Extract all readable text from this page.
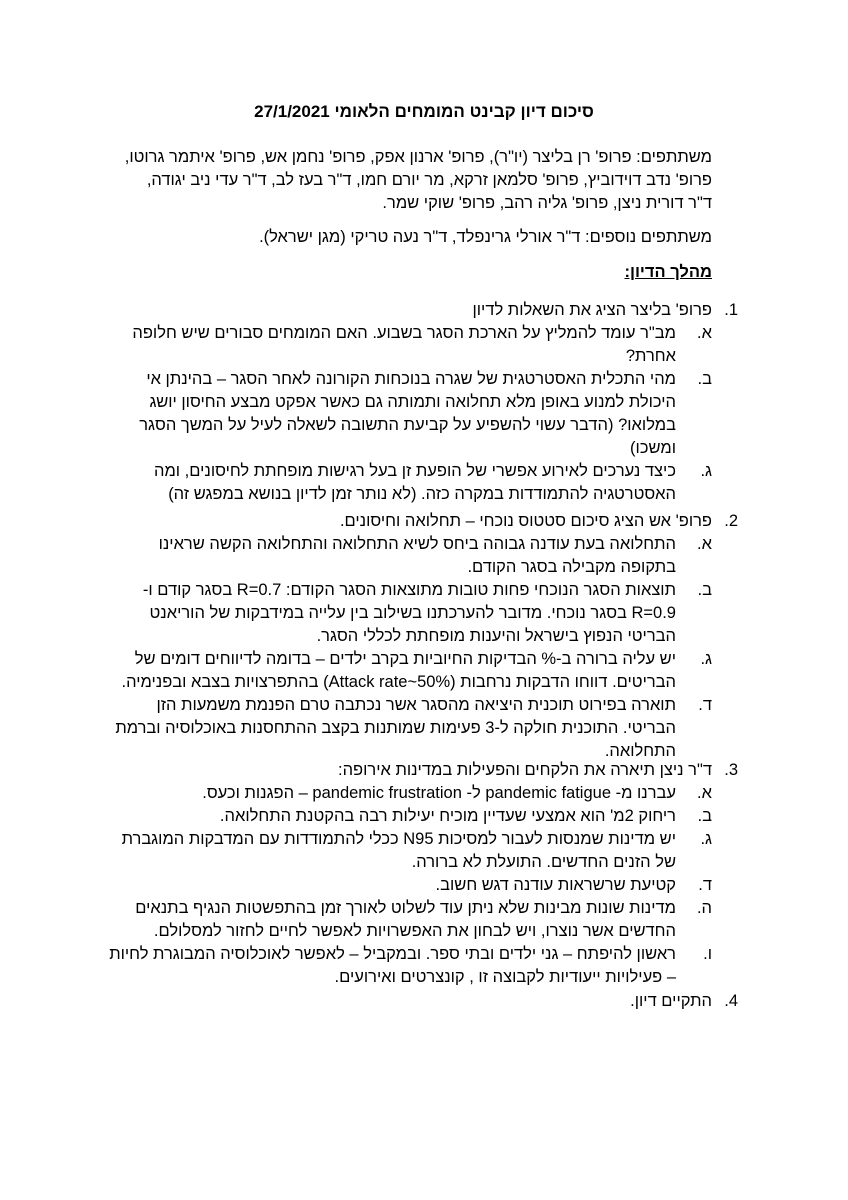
סיכום דיון קבינט המומחים הלאומי 27/1/2021
משתתפים: פרופ' רן בליצר (יו"ר), פרופ' ארנון אפק, פרופ' נחמן אש, פרופ' איתמר גרוטו, פרופ' נדב דוידוביץ, פרופ' סלמאן זרקא, מר יורם חמו, ד"ר בעז לב, ד"ר עדי ניב יגודה, ד"ר דורית ניצן, פרופ' גליה רהב, פרופ' שוקי שמר.
משתתפים נוספים: ד"ר אורלי גרינפלד, ד"ר נעה טריקי (מגן ישראל).
מהלך הדיון:
1.
פרופ' בליצר הציג את השאלות לדיון
א.
מב"ר עומד להמליץ על הארכת הסגר בשבוע. האם המומחים סבורים שיש חלופה אחרת?
ב.
מהי התכלית האסטרטגית של שגרה בנוכחות הקורונה לאחר הסגר – בהינתן אי היכולת למנוע באופן מלא תחלואה ותמותה גם כאשר אפקט מבצע החיסון יושג במלואו? (הדבר עשוי להשפיע על קביעת התשובה לשאלה לעיל על המשך הסגר ומשכו)
ג.
כיצד נערכים לאירוע אפשרי של הופעת זן בעל רגישות מופחתת לחיסונים, ומה האסטרטגיה להתמודדות במקרה כזה. (לא נותר זמן לדיון בנושא במפגש זה)
2.
פרופ' אש הציג סיכום סטטוס נוכחי – תחלואה וחיסונים.
א.
התחלואה בעת עודנה גבוהה ביחס לשיא התחלואה והתחלואה הקשה שראינו בתקופה מקבילה בסגר הקודם.
ב.
תוצאות הסגר הנוכחי פחות טובות מתוצאות הסגר הקודם: R=0.7 בסגר קודם ו- R=0.9 בסגר נוכחי. מדובר להערכתנו בשילוב בין עלייה במידבקות של הוריאנט הבריטי הנפוץ בישראל והיענות מופחתת לכללי הסגר.
ג.
יש עליה ברורה ב-% הבדיקות החיוביות בקרב ילדים – בדומה לדיווחים דומים של הבריטים. דווחו הדבקות נרחבות (Attack rate~50%) בהתפרצויות בצבא ובפנימיה.
ד.
תוארה בפירוט תוכנית היציאה מהסגר אשר נכתבה טרם הפנמת משמעות הזן הבריטי. התוכנית חולקה ל-3 פעימות שמותנות בקצב ההתחסנות באוכלוסיה וברמת התחלואה.
3.
ד"ר ניצן תיארה את הלקחים והפעילות במדינות אירופה:
א.
עברנו מ- pandemic fatigue ל- pandemic frustration – הפגנות וכעס.
ב.
ריחוק 2מ' הוא אמצעי שעדיין מוכיח יעילות רבה בהקטנת התחלואה.
ג.
יש מדינות שמנסות לעבור למסיכות N95 ככלי להתמודדות עם המדבקות המוגברת של הזנים החדשים. התועלת לא ברורה.
ד.
קטיעת שרשראות עודנה דגש חשוב.
ה.
מדינות שונות מבינות שלא ניתן עוד לשלוט לאורך זמן בהתפשטות הנגיף בתנאים החדשים אשר נוצרו, ויש לבחון את האפשרויות לאפשר לחיים לחזור למסלולם.
ו.
ראשון להיפתח – גני ילדים ובתי ספר. ובמקביל – לאפשר לאוכלוסיה המבוגרת לחיות – פעילויות ייעודיות לקבוצה זו , קונצרטים ואירועים.
4.
התקיים דיון.
